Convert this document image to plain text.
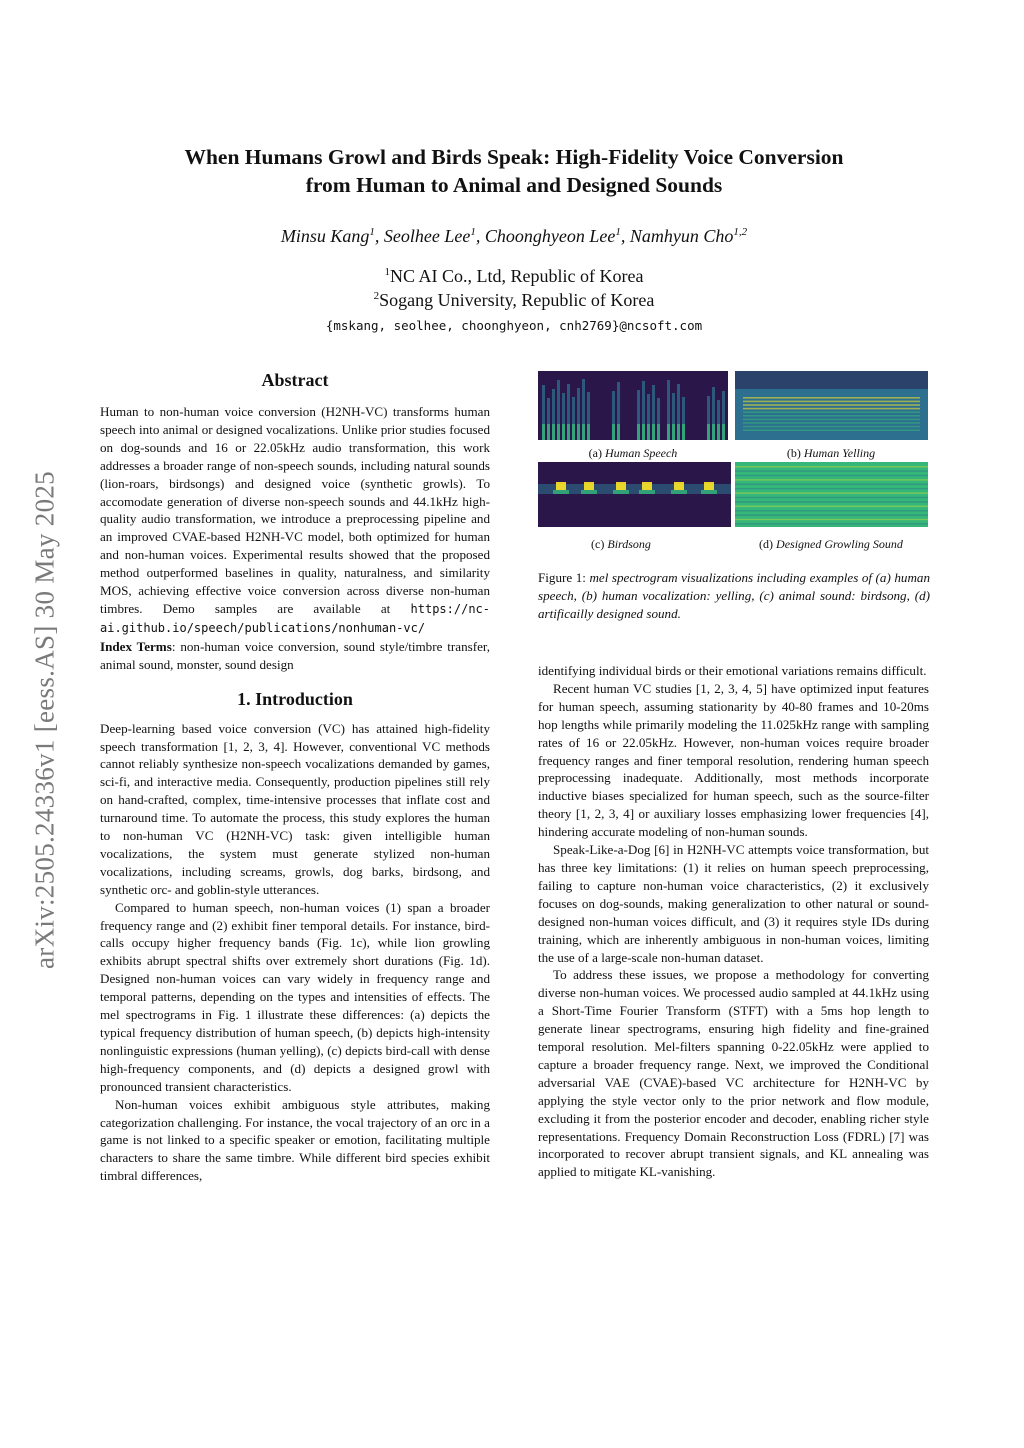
arXiv:2505.24336v1 [eess.AS] 30 May 2025
When Humans Growl and Birds Speak: High-Fidelity Voice Conversion
from Human to Animal and Designed Sounds
Minsu Kang$^1$, Seolhee Lee$^1$, Choonghyeon Lee$^1$, Namhyun Cho$^{1,2}$
$^1$NC AI Co., Ltd, Republic of Korea
$^2$Sogang University, Republic of Korea
{mskang, seolhee, choonghyeon, cnh2769}@ncsoft.com
Abstract

Human to non-human voice conversion (H2NH-VC) transforms human speech into animal or designed vocalizations. Unlike prior studies focused on dog-sounds and 16 or 22.05kHz audio transformation, this work addresses a broader range of non-speech sounds, including natural sounds (lion-roars, birdsongs) and designed voice (synthetic growls). To accomodate generation of diverse non-speech sounds and 44.1kHz high-quality audio transformation, we introduce a preprocessing pipeline and an improved CVAE-based H2NH-VC model, both optimized for human and non-human voices. Experimental results showed that the proposed method outperformed baselines in quality, naturalness, and similarity MOS, achieving effective voice conversion across diverse non-human timbres. Demo samples are available at https://nc-ai.github.io/speech/publications/nonhuman-vc/

Index Terms: non-human voice conversion, sound style/timbre transfer, animal sound, monster, sound design

1. Introduction

Deep-learning based voice conversion (VC) has attained high-fidelity speech transformation [1, 2, 3, 4]. However, conventional VC methods cannot reliably synthesize non-speech vocalizations demanded by games, sci-fi, and interactive media. Consequently, production pipelines still rely on hand-crafted, complex, time-intensive processes that inflate cost and turnaround time. To automate the process, this study explores the human to non-human VC (H2NH-VC) task: given intelligible human vocalizations, the system must generate stylized non-human vocalizations, including screams, growls, dog barks, birdsong, and synthetic orc- and goblin-style utterances.

Compared to human speech, non-human voices (1) span a broader frequency range and (2) exhibit finer temporal details. For instance, bird-calls occupy higher frequency bands (Fig. 1c), while lion growling exhibits abrupt spectral shifts over extremely short durations (Fig. 1d). Designed non-human voices can vary widely in frequency range and temporal patterns, depending on the types and intensities of effects. The mel spectrograms in Fig. 1 illustrate these differences: (a) depicts the typical frequency distribution of human speech, (b) depicts high-intensity nonlinguistic expressions (human yelling), (c) depicts bird-call with dense high-frequency components, and (d) depicts a designed growl with pronounced transient characteristics.

Non-human voices exhibit ambiguous style attributes, making categorization challenging. For instance, the vocal trajectory of an orc in a game is not linked to a specific speaker or emotion, facilitating multiple characters to share the same timbre. While different bird species exhibit timbral differences,

(a) Human Speech	(b) Human Yelling
(c) Birdsong	(d) Designed Growling Sound
Figure 1: mel spectrogram visualizations including examples of (a) human speech, (b) human vocalization: yelling, (c) animal sound: birdsong, (d) artificailly designed sound.

identifying individual birds or their emotional variations remains difficult.

Recent human VC studies [1, 2, 3, 4, 5] have optimized input features for human speech, assuming stationarity by 40-80 frames and 10-20ms hop lengths while primarily modeling the 11.025kHz range with sampling rates of 16 or 22.05kHz. However, non-human voices require broader frequency ranges and finer temporal resolution, rendering human speech preprocessing inadequate. Additionally, most methods incorporate inductive biases specialized for human speech, such as the source-filter theory [1, 2, 3, 4] or auxiliary losses emphasizing lower frequencies [4], hindering accurate modeling of non-human sounds.

Speak-Like-a-Dog [6] in H2NH-VC attempts voice transformation, but has three key limitations: (1) it relies on human speech preprocessing, failing to capture non-human voice characteristics, (2) it exclusively focuses on dog-sounds, making generalization to other natural or sound-designed non-human voices difficult, and (3) it requires style IDs during training, which are inherently ambiguous in non-human voices, limiting the use of a large-scale non-human dataset.

To address these issues, we propose a methodology for converting diverse non-human voices. We processed audio sampled at 44.1kHz using a Short-Time Fourier Transform (STFT) with a 5ms hop length to generate linear spectrograms, ensuring high fidelity and fine-grained temporal resolution. Mel-filters spanning 0-22.05kHz were applied to capture a broader frequency range. Next, we improved the Conditional adversarial VAE (CVAE)-based VC architecture for H2NH-VC by applying the style vector only to the prior network and flow module, excluding it from the posterior encoder and decoder, enabling richer style representations. Frequency Domain Reconstruction Loss (FDRL) [7] was incorporated to recover abrupt transient signals, and KL annealing was applied to mitigate KL-vanishing.
